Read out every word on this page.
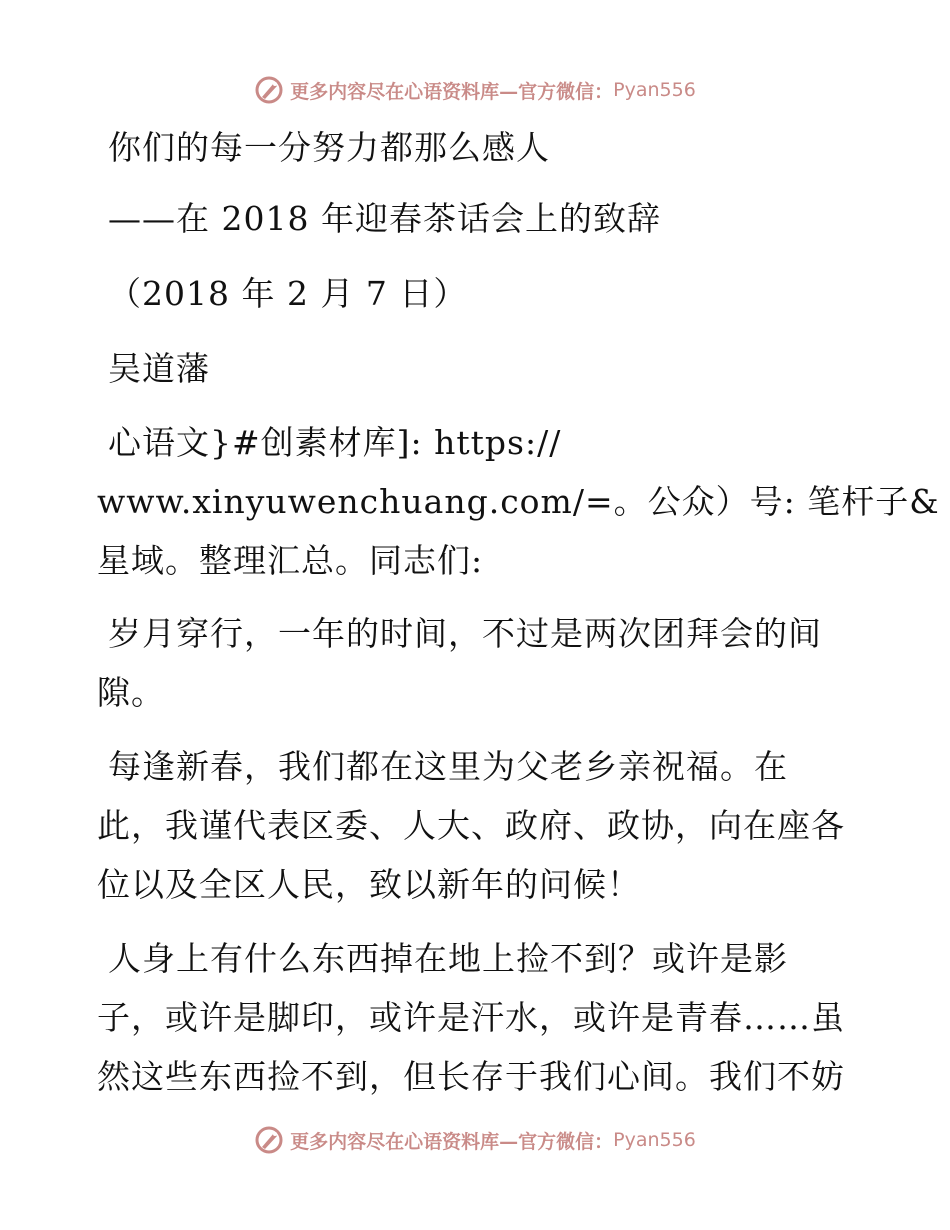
更多内容尽在心语资料库—官方微信： Pyan556
你们的每一分努力都那么感人
——在 2018 年迎春茶话会上的致辞
（2018 年 2 月 7 日）
吴道藩
心语文}#创素材库]: https://
www.xinyuwenchuang.com/=。公众）号: 笔杆子&
星域。整理汇总。同志们:
岁月穿行，一年的时间，不过是两次团拜会的间
隙。
每逢新春，我们都在这里为父老乡亲祝福。在
此，我谨代表区委、人大、政府、政协，向在座各
位以及全区人民，致以新年的问候！
人身上有什么东西掉在地上捡不到？或许是影
子，或许是脚印，或许是汗水，或许是青春……虽
然这些东西捡不到，但长存于我们心间。我们不妨
更多内容尽在心语资料库—官方微信： Pyan556
